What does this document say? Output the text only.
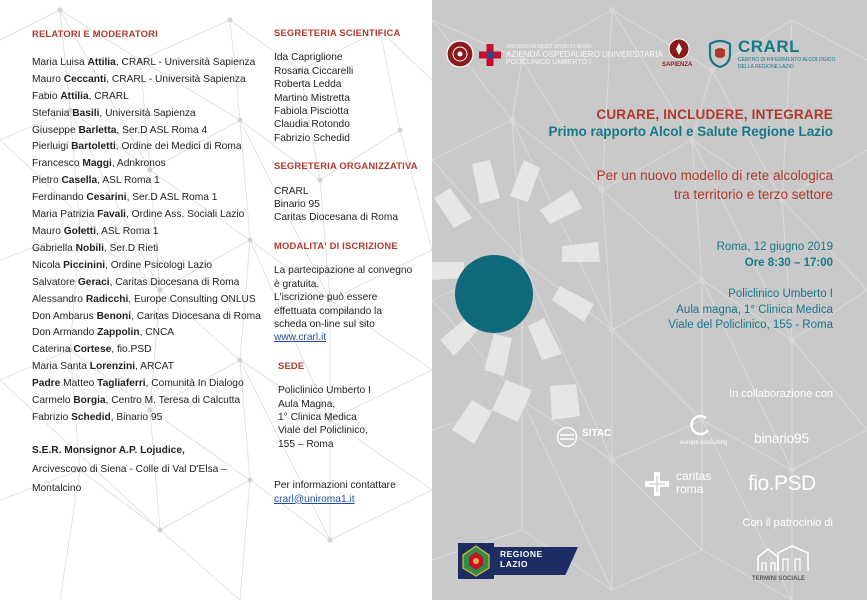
RELATORI E MODERATORI

Maria Luisa Attilia, CRARL - Università Sapienza

Mauro Ceccanti, CRARL - Università Sapienza

Fabio Attilia, CRARL

Stefania Basili, Università Sapienza

Giuseppe Barletta, Ser.D ASL Roma 4

Pierluigi Bartoletti, Ordine dei Medici di Roma

Francesco Maggi, Adnkronos

Pietro Casella, ASL Roma 1

Ferdinando Cesarini, Ser.D ASL Roma 1

Maria Patrizia Favali, Ordine Ass. Sociali Lazio

Mauro Goletti, ASL Roma 1

Gabriella Nobili, Ser.D Rieti

Nicola Piccinini, Ordine Psicologi Lazio

Salvatore Geraci, Caritas Diocesana di Roma

Alessandro Radicchi, Europe Consulting ONLUS

Don Ambarus Benoni, Caritas Diocesana di Roma

Don Armando Zappolin, CNCA

Caterina Cortese, fio.PSD

Maria Santa Lorenzini, ARCAT

Padre Matteo Tagliaferri, Comunità In Dialogo

Carmelo Borgia, Centro M. Teresa di Calcutta

Fabrizio Schedid, Binario 95

S.E.R. Monsignor A.P. Lojudice,

Arcivescovo di Siena - Colle di Val D'Elsa –

Montalcino

SEGRETERIA SCIENTIFICA

Ida Capriglione

Rosaria Ciccarelli

Roberta Ledda

Martino Mistretta

Fabiola Pisciotta

Claudia Rotondo

Fabrizio Schedid

SEGRETERIA ORGANIZZATIVA

CRARL

Binario 95

Caritas Diocesana di Roma

MODALITA' DI ISCRIZIONE

La partecipazione al convegno

è gratuita.

L'iscrizione può essere

effettuata compilando la

scheda on-line sul sito

www.crarl.it

SEDE

Policlinico Umberto I

Aula Magna,

1° Clinica Medica

Viale del Policlinico,

155 – Roma

Per informazioni contattare

crarl@uniroma1.it

UNIVERSITÀ DEGLI STUDI DI ROMA

AZIENDA OSPEDALIERO UNIVERSITARIA

POLICLINICO UMBERTO I	SAPIENZA
CRARL

CENTRO DI RIFERIMENTO ALCOLOGICO

DELLA REGIONE LAZIO

CURARE, INCLUDERE, INTEGRARE
Primo rapporto Alcol e Salute Regione Lazio

Per un nuovo modello di rete alcologica

tra territorio e terzo settore

Roma, 12 giugno 2019

Ore 8:30 – 17:00

Policlinico Umberto I

Aula magna, 1° Clinica Medica

Viale del Policlinico, 155 - Roma

In collaborazione con
SITAC
europe consulting binario95

caritas

roma	fio.PSD
Con il patrocinio di

REGIONE

LAZIO

TERMINI SOCIALE
